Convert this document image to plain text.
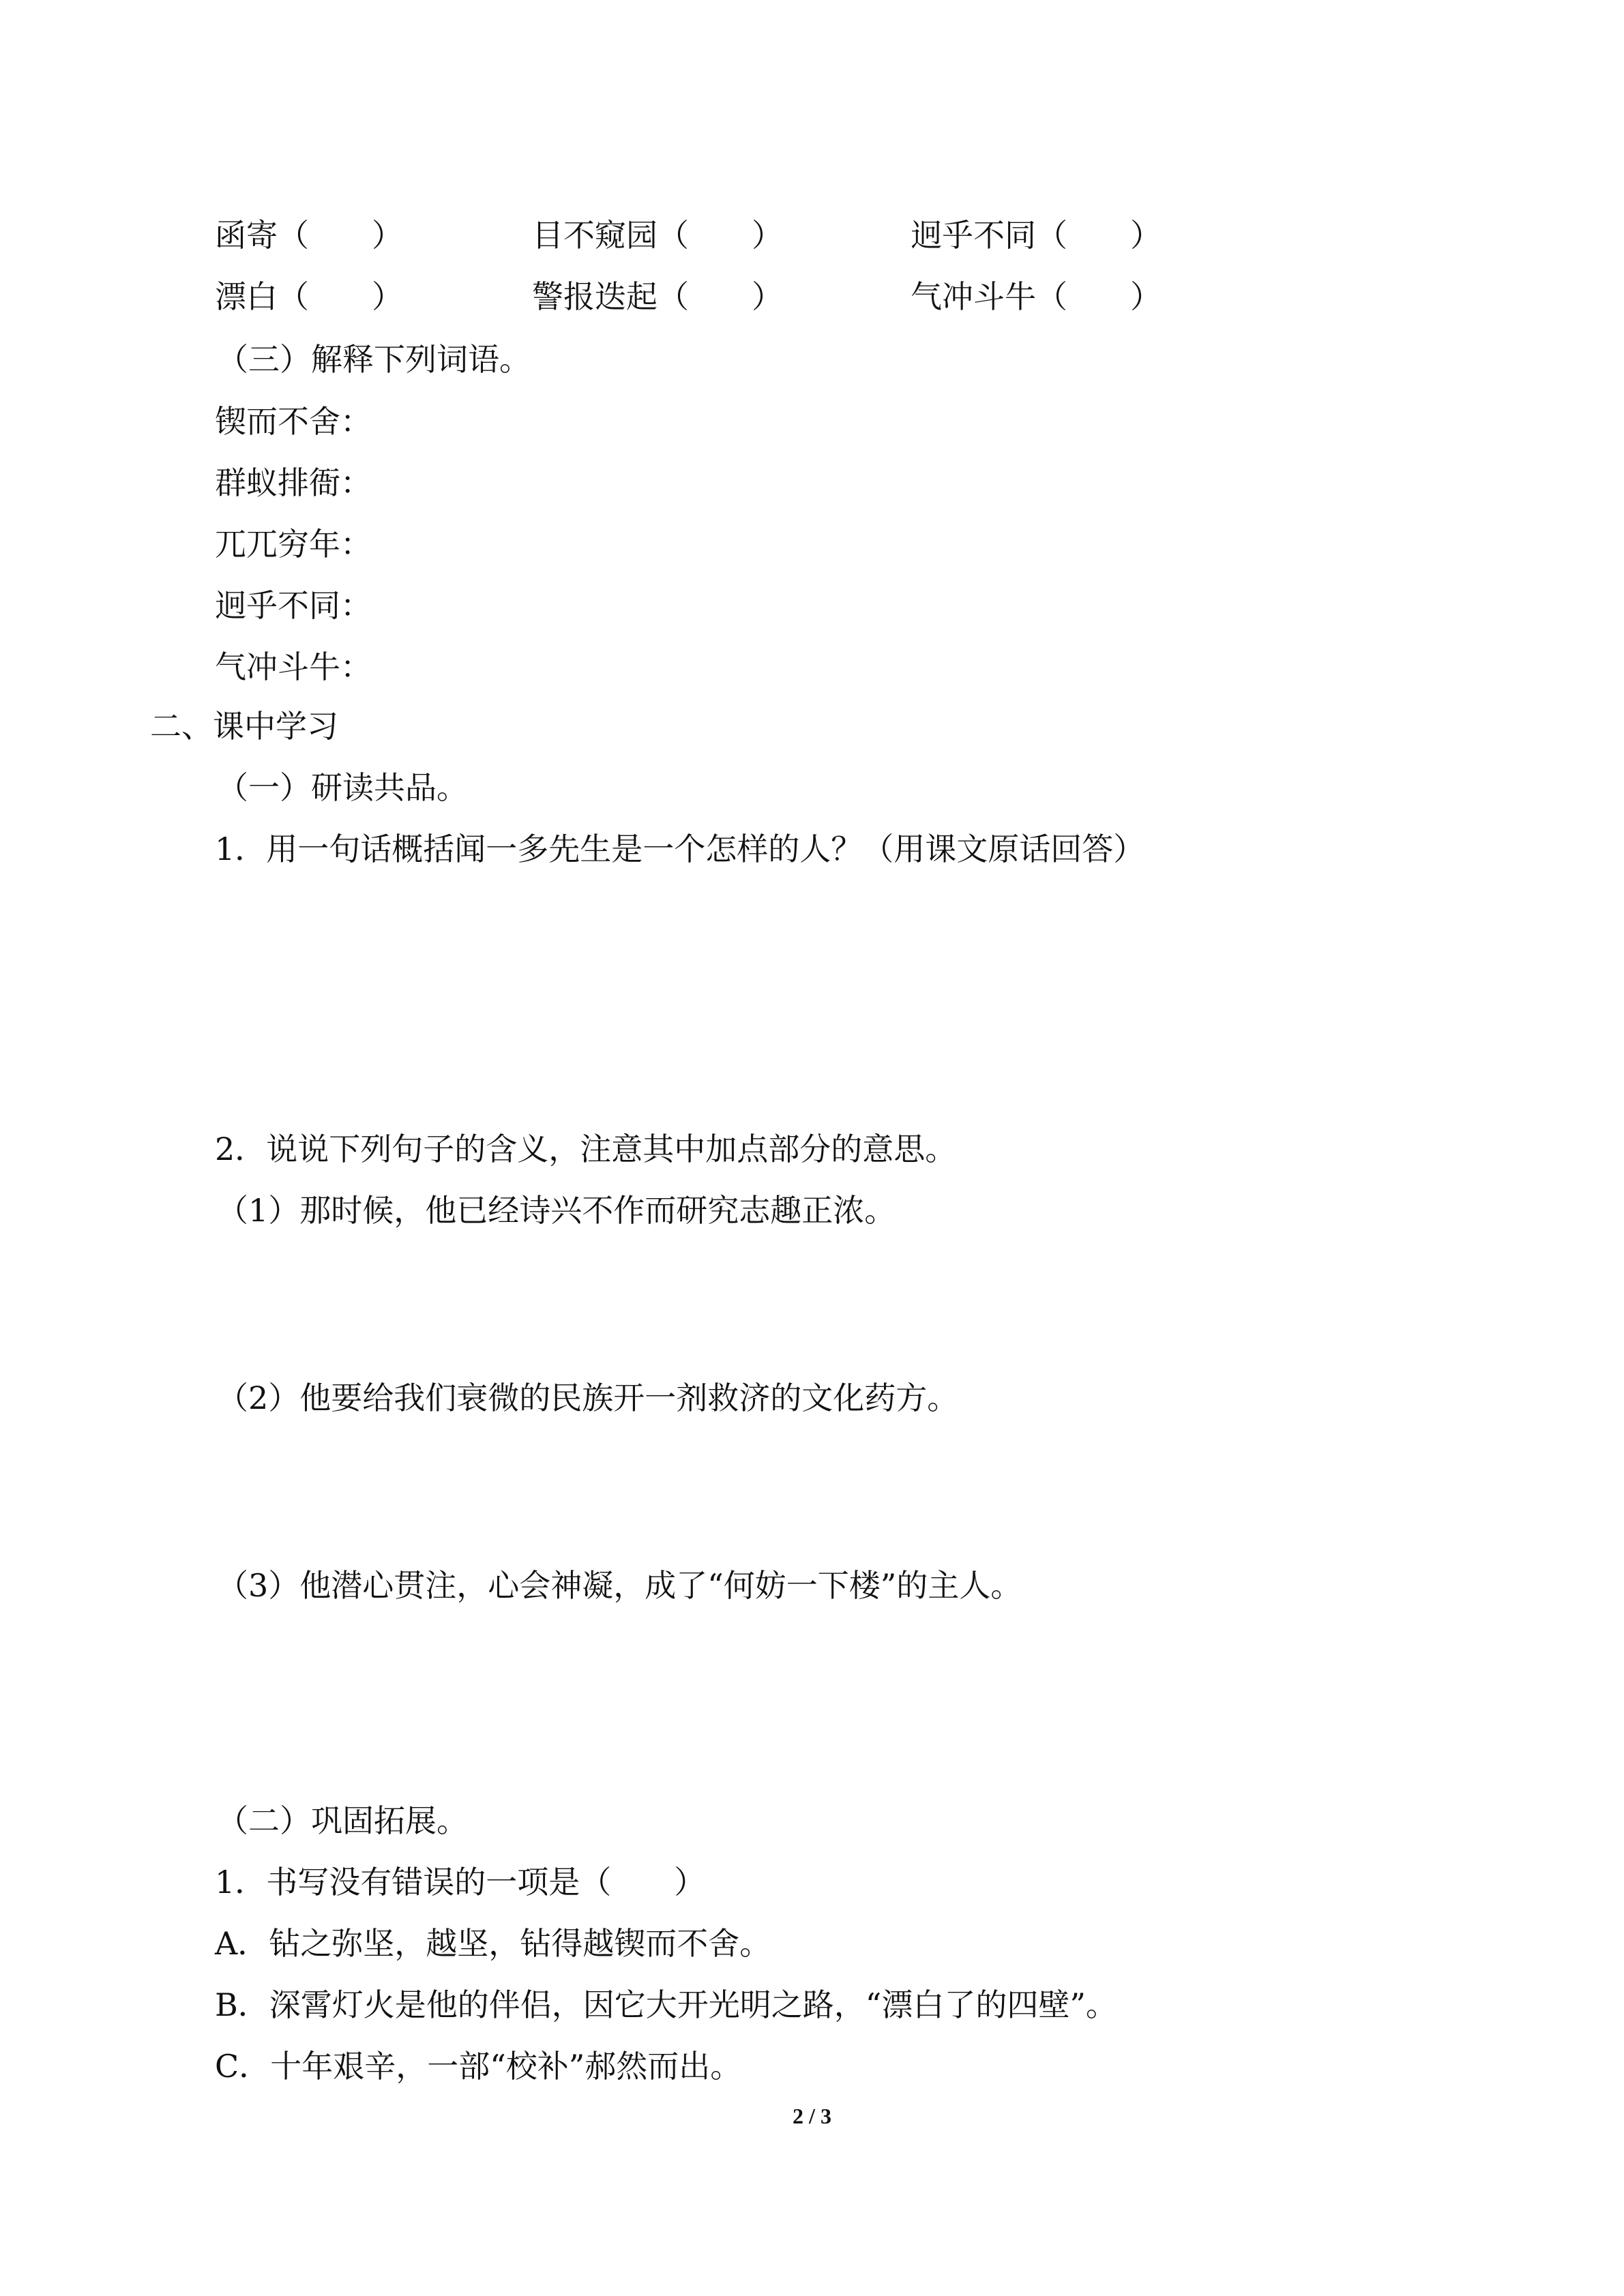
函寄（　　）	目不窥园（　　）	迥乎不同（　　）
漂白（　　）	警报迭起（　　）	气冲斗牛（　　）
（三）解释下列词语。
锲而不舍：
群蚁排衙：
兀兀穷年：
迥乎不同：
气冲斗牛：
二、课中学习
（一）研读共品。
1．用一句话概括闻一多先生是一个怎样的人？（用课文原话回答）
2．说说下列句子的含义，注意其中加点部分的意思。
（1）那时候，他已经诗兴不作而研究志趣正浓。
（2）他要给我们衰微的民族开一剂救济的文化药方。
（3）他潜心贯注，心会神凝，成了“何妨一下楼”的主人。
（二）巩固拓展。
1．书写没有错误的一项是（　　）
A．钻之弥坚，越坚，钻得越锲而不舍。
B．深霄灯火是他的伴侣，因它大开光明之路，“漂白了的四壁”。
C．十年艰辛，一部“校补”郝然而出。
2 / 3
